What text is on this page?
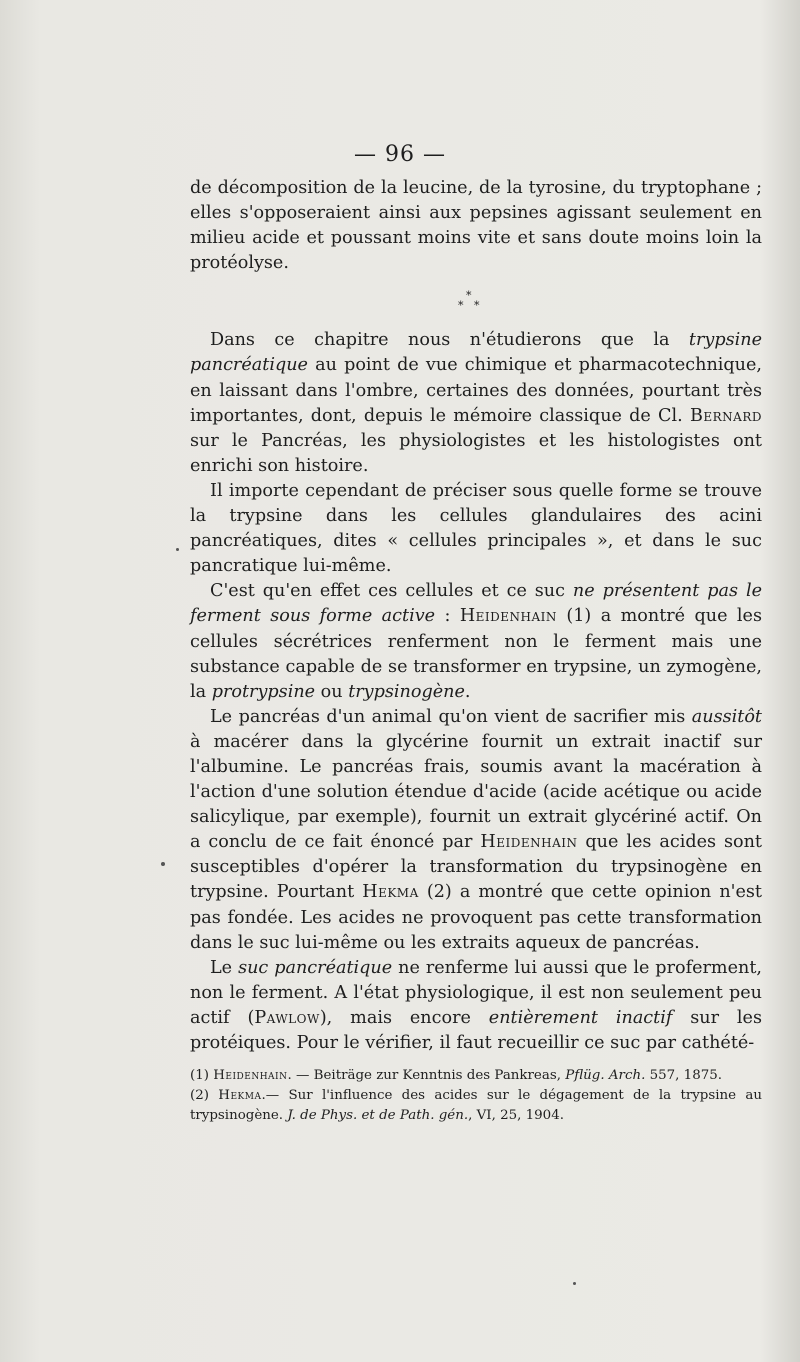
— 96 —

de décomposition de la leucine, de la tyrosine, du tryptophane ; elles s'opposeraient ainsi aux pepsines agissant seulement en milieu acide et poussant moins vite et sans doute moins loin la protéolyse.

*
* *

Dans ce chapitre nous n'étudierons que la trypsine pancréatique au point de vue chimique et pharmacotechnique, en laissant dans l'ombre, certaines des données, pourtant très importantes, dont, depuis le mémoire classique de Cl. Bernard sur le Pancréas, les physiologistes et les histologistes ont enrichi son histoire.

Il importe cependant de préciser sous quelle forme se trouve la trypsine dans les cellules glandulaires des acini pancréatiques, dites « cellules principales », et dans le suc pancratique lui-même.

C'est qu'en effet ces cellules et ce suc ne présentent pas le ferment sous forme active : Heidenhain (1) a montré que les cellules sécrétrices renferment non le ferment mais une substance capable de se transformer en trypsine, un zymogène, la protrypsine ou trypsinogène.

Le pancréas d'un animal qu'on vient de sacrifier mis aussitôt à macérer dans la glycérine fournit un extrait inactif sur l'albumine. Le pancréas frais, soumis avant la macération à l'action d'une solution étendue d'acide (acide acétique ou acide salicylique, par exemple), fournit un extrait glycériné actif. On a conclu de ce fait énoncé par Heidenhain que les acides sont susceptibles d'opérer la transformation du trypsinogène en trypsine. Pourtant Hekma (2) a montré que cette opinion n'est pas fondée. Les acides ne provoquent pas cette transformation dans le suc lui-même ou les extraits aqueux de pancréas.

Le suc pancréatique ne renferme lui aussi que le proferment, non le ferment. A l'état physiologique, il est non seulement peu actif (Pawlow), mais encore entièrement inactif sur les protéiques. Pour le vérifier, il faut recueillir ce suc par cathété-

(1) Heidenhain. — Beiträge zur Kenntnis des Pankreas, Pflüg. Arch. 557, 1875.

(2) Hekma.— Sur l'influence des acides sur le dégagement de la trypsine au trypsinogène. J. de Phys. et de Path. gén., VI, 25, 1904.
